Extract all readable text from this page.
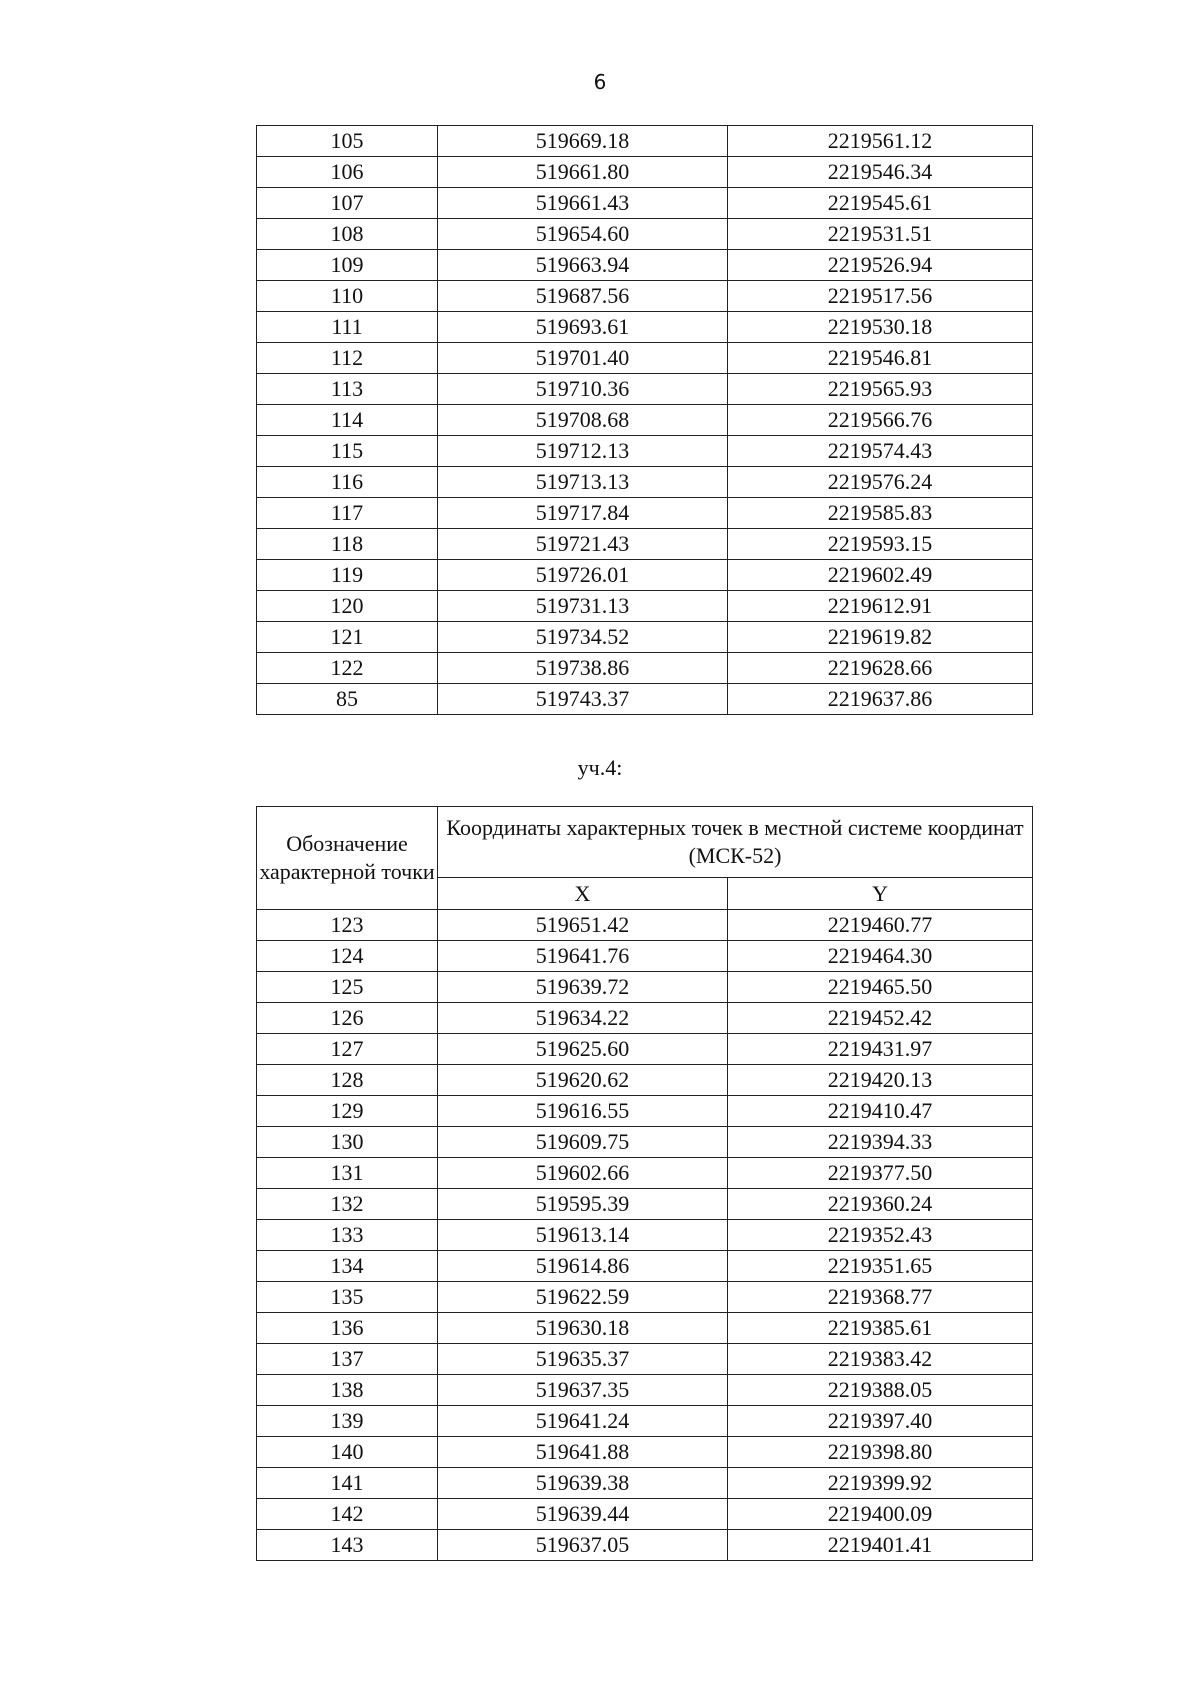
6
105	519669.18	2219561.12
106	519661.80	2219546.34
107	519661.43	2219545.61
108	519654.60	2219531.51
109	519663.94	2219526.94
110	519687.56	2219517.56
111	519693.61	2219530.18
112	519701.40	2219546.81
113	519710.36	2219565.93
114	519708.68	2219566.76
115	519712.13	2219574.43
116	519713.13	2219576.24
117	519717.84	2219585.83
118	519721.43	2219593.15
119	519726.01	2219602.49
120	519731.13	2219612.91
121	519734.52	2219619.82
122	519738.86	2219628.66
85	519743.37	2219637.86
уч.4:
Обозначение характерной точки	Координаты характерных точек в местной системе координат (МСК-52)	
	X	Y
123	519651.42	2219460.77
124	519641.76	2219464.30
125	519639.72	2219465.50
126	519634.22	2219452.42
127	519625.60	2219431.97
128	519620.62	2219420.13
129	519616.55	2219410.47
130	519609.75	2219394.33
131	519602.66	2219377.50
132	519595.39	2219360.24
133	519613.14	2219352.43
134	519614.86	2219351.65
135	519622.59	2219368.77
136	519630.18	2219385.61
137	519635.37	2219383.42
138	519637.35	2219388.05
139	519641.24	2219397.40
140	519641.88	2219398.80
141	519639.38	2219399.92
142	519639.44	2219400.09
143	519637.05	2219401.41
